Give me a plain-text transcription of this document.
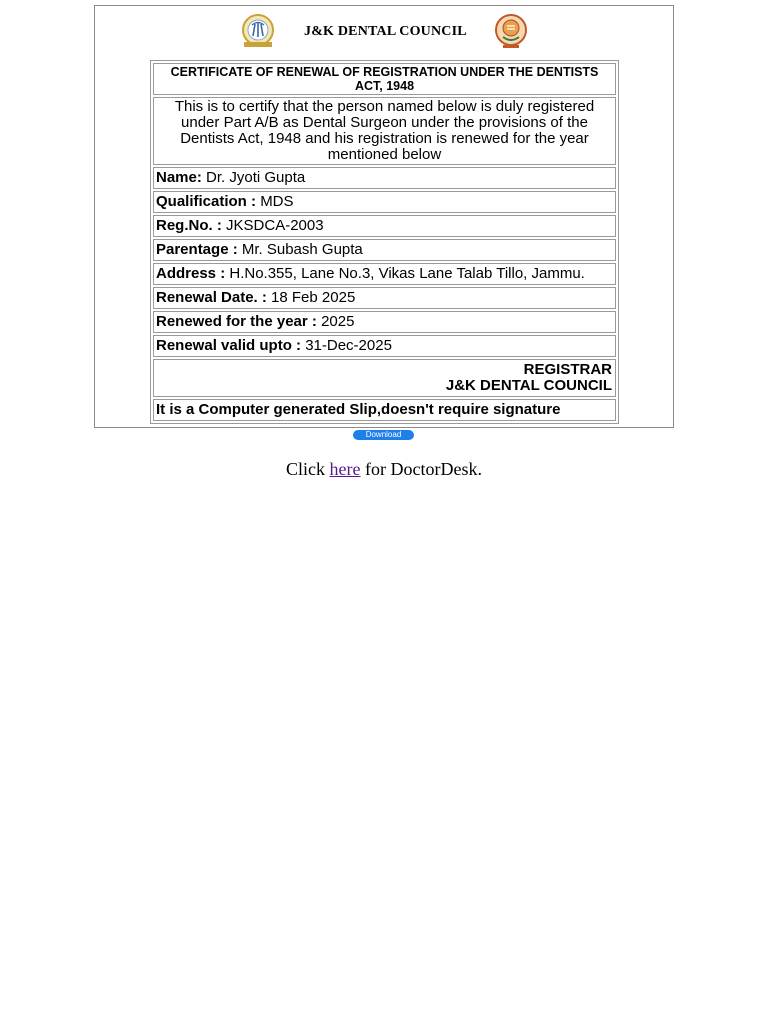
J&K DENTAL COUNCIL
CERTIFICATE OF RENEWAL OF REGISTRATION UNDER THE DENTISTS ACT, 1948
This is to certify that the person named below is duly registered under Part A/B as Dental Surgeon under the provisions of the Dentists Act, 1948 and his registration is renewed for the year mentioned below
Name: Dr. Jyoti Gupta
Qualification : MDS
Reg.No. : JKSDCA-2003
Parentage : Mr. Subash Gupta
Address : H.No.355, Lane No.3, Vikas Lane Talab Tillo, Jammu.
Renewal Date. : 18 Feb 2025
Renewed for the year : 2025
Renewal valid upto : 31-Dec-2025

REGISTRAR
J&K DENTAL COUNCIL

It is a Computer generated Slip,doesn't require signature
Download
Click here for DoctorDesk.
